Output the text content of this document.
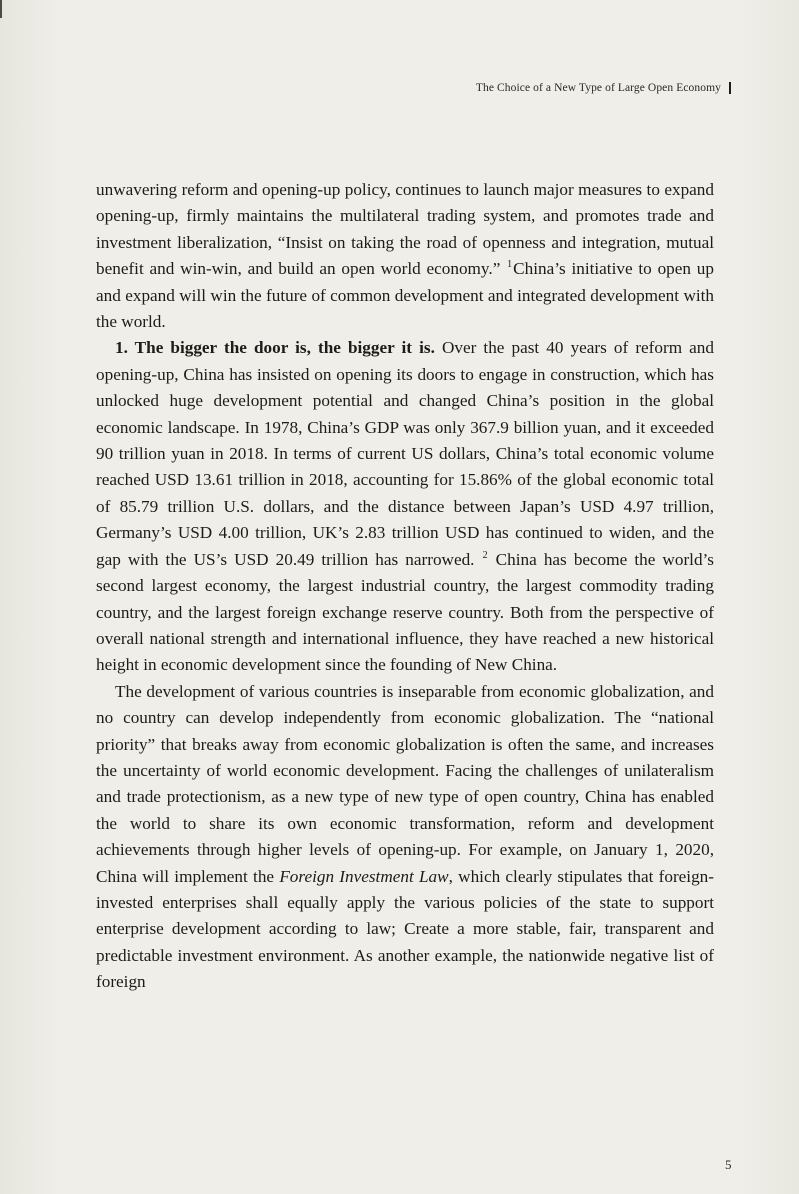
The Choice of a New Type of Large Open Economy

unwavering reform and opening-up policy, continues to launch major measures to expand opening-up, firmly maintains the multilateral trading system, and promotes trade and investment liberalization, “Insist on taking the road of openness and integration, mutual benefit and win-win, and build an open world economy.” $^1$China’s initiative to open up and expand will win the future of common development and integrated development with the world.

1. The bigger the door is, the bigger it is. Over the past 40 years of reform and opening-up, China has insisted on opening its doors to engage in construction, which has unlocked huge development potential and changed China’s position in the global economic landscape. In 1978, China’s GDP was only 367.9 billion yuan, and it exceeded 90 trillion yuan in 2018. In terms of current US dollars, China’s total economic volume reached USD 13.61 trillion in 2018, accounting for 15.86% of the global economic total of 85.79 trillion U.S. dollars, and the distance between Japan’s USD 4.97 trillion, Germany’s USD 4.00 trillion, UK’s 2.83 trillion USD has continued to widen, and the gap with the US’s USD 20.49 trillion has narrowed. $^2$ China has become the world’s second largest economy, the largest industrial country, the largest commodity trading country, and the largest foreign exchange reserve country. Both from the perspective of overall national strength and international influence, they have reached a new historical height in economic development since the founding of New China.

The development of various countries is inseparable from economic globalization, and no country can develop independently from economic globalization. The “national priority” that breaks away from economic globalization is often the same, and increases the uncertainty of world economic development. Facing the challenges of unilateralism and trade protectionism, as a new type of new type of open country, China has enabled the world to share its own economic transformation, reform and development achievements through higher levels of opening-up. For example, on January 1, 2020, China will implement the Foreign Investment Law, which clearly stipulates that foreign-invested enterprises shall equally apply the various policies of the state to support enterprise development according to law; Create a more stable, fair, transparent and predictable investment environment. As another example, the nationwide negative list of foreign

5
